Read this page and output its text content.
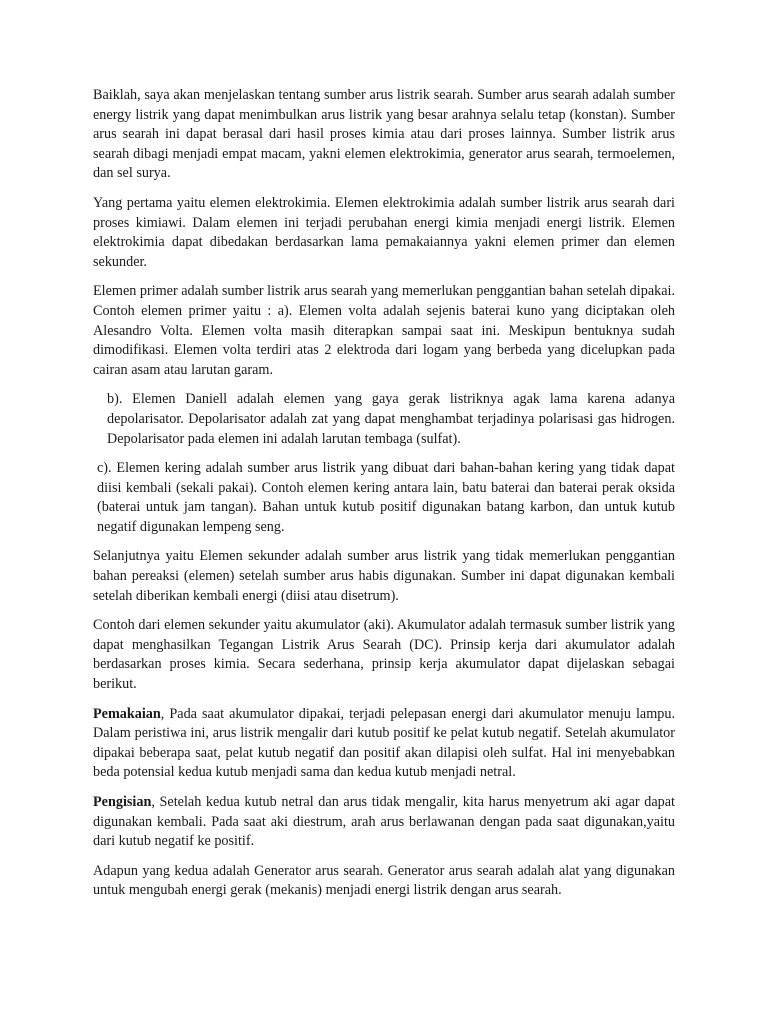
Baiklah, saya akan menjelaskan tentang sumber arus listrik searah. Sumber arus searah adalah sumber energy listrik yang dapat menimbulkan arus listrik yang besar arahnya selalu tetap (konstan). Sumber arus searah ini dapat berasal dari hasil proses kimia atau dari proses lainnya. Sumber listrik arus searah dibagi menjadi empat macam, yakni elemen elektrokimia, generator arus searah, termoelemen, dan sel surya.

Yang pertama yaitu elemen elektrokimia. Elemen elektrokimia adalah sumber listrik arus searah dari proses kimiawi. Dalam elemen ini terjadi perubahan energi kimia menjadi energi listrik. Elemen elektrokimia dapat dibedakan berdasarkan lama pemakaiannya yakni elemen primer dan elemen sekunder.

Elemen primer adalah sumber listrik arus searah yang memerlukan penggantian bahan setelah dipakai. Contoh elemen primer yaitu : a). Elemen volta adalah sejenis baterai kuno yang diciptakan oleh Alesandro Volta. Elemen volta masih diterapkan sampai saat ini. Meskipun bentuknya sudah dimodifikasi. Elemen volta terdiri atas 2 elektroda dari logam yang berbeda yang dicelupkan pada cairan asam atau larutan garam.

b). Elemen Daniell adalah elemen yang gaya gerak listriknya agak lama karena adanya depolarisator. Depolarisator adalah zat yang dapat menghambat terjadinya polarisasi gas hidrogen. Depolarisator pada elemen ini adalah larutan tembaga (sulfat).

c). Elemen kering adalah sumber arus listrik yang dibuat dari bahan-bahan kering yang tidak dapat diisi kembali (sekali pakai). Contoh elemen kering antara lain, batu baterai dan baterai perak oksida (baterai untuk jam tangan). Bahan untuk kutub positif digunakan batang karbon, dan untuk kutub negatif digunakan lempeng seng.

Selanjutnya yaitu Elemen sekunder adalah sumber arus listrik yang tidak memerlukan penggantian bahan pereaksi (elemen) setelah sumber arus habis digunakan. Sumber ini dapat digunakan kembali setelah diberikan kembali energi (diisi atau disetrum).

Contoh dari elemen sekunder yaitu akumulator (aki). Akumulator adalah termasuk sumber listrik yang dapat menghasilkan Tegangan Listrik Arus Searah (DC). Prinsip kerja dari akumulator adalah berdasarkan proses kimia. Secara sederhana, prinsip kerja akumulator dapat dijelaskan sebagai berikut.

Pemakaian, Pada saat akumulator dipakai, terjadi pelepasan energi dari akumulator menuju lampu. Dalam peristiwa ini, arus listrik mengalir dari kutub positif ke pelat kutub negatif. Setelah akumulator dipakai beberapa saat, pelat kutub negatif dan positif akan dilapisi oleh sulfat. Hal ini menyebabkan beda potensial kedua kutub menjadi sama dan kedua kutub menjadi netral.

Pengisian, Setelah kedua kutub netral dan arus tidak mengalir, kita harus menyetrum aki agar dapat digunakan kembali. Pada saat aki diestrum, arah arus berlawanan dengan pada saat digunakan,yaitu dari kutub negatif ke positif.

Adapun yang kedua adalah Generator arus searah. Generator arus searah adalah alat yang digunakan untuk mengubah energi gerak (mekanis) menjadi energi listrik dengan arus searah.
